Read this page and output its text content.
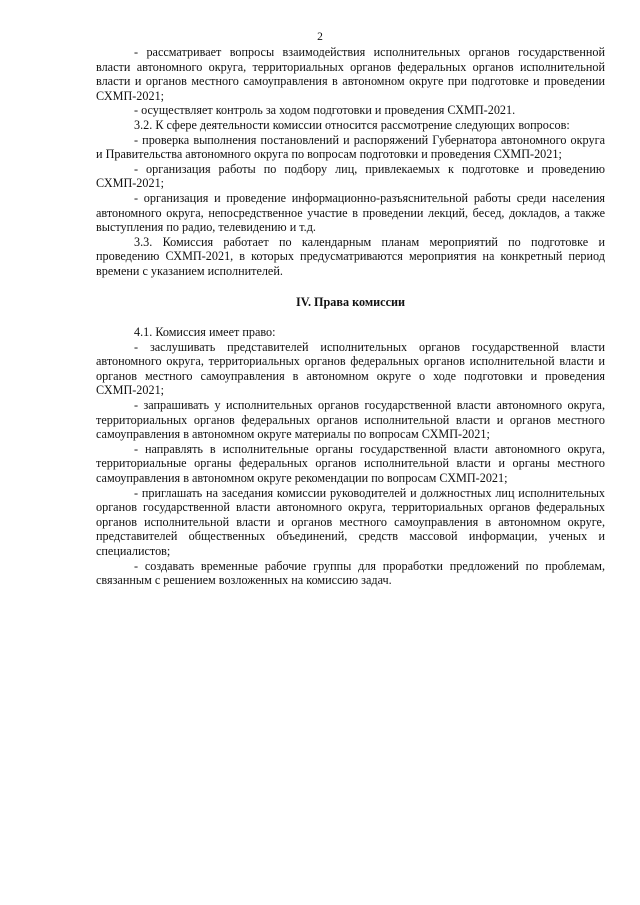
2

- рассматривает вопросы взаимодействия исполнительных органов государственной власти автономного округа, территориальных органов федеральных органов исполнительной власти и органов местного самоуправления в автономном округе при подготовке и проведении СХМП-2021;

- осуществляет контроль за ходом подготовки и проведения СХМП-2021.

3.2. К сфере деятельности комиссии относится рассмотрение следующих вопросов:

- проверка выполнения постановлений и распоряжений Губернатора автономного округа и Правительства автономного округа по вопросам подготовки и проведения СХМП-2021;

- организация работы по подбору лиц, привлекаемых к подготовке и проведению СХМП-2021;

- организация и проведение информационно-разъяснительной работы среди населения автономного округа, непосредственное участие в проведении лекций, бесед, докладов, а также выступления по радио, телевидению и т.д.

3.3. Комиссия работает по календарным планам мероприятий по подготовке и проведению СХМП-2021, в которых предусматриваются мероприятия на конкретный период времени с указанием исполнителей.

IV. Права комиссии

4.1. Комиссия имеет право:

- заслушивать представителей исполнительных органов государственной власти автономного округа, территориальных органов федеральных органов исполнительной власти и органов местного самоуправления в автономном округе о ходе подготовки и проведения СХМП-2021;

- запрашивать у исполнительных органов государственной власти автономного округа, территориальных органов федеральных органов исполнительной власти и органов местного самоуправления в автономном округе материалы по вопросам СХМП-2021;

- направлять в исполнительные органы государственной власти автономного округа, территориальные органы федеральных органов исполнительной власти и органы местного самоуправления в автономном округе рекомендации по вопросам СХМП-2021;

- приглашать на заседания комиссии руководителей и должностных лиц исполнительных органов государственной власти автономного округа, территориальных органов федеральных органов исполнительной власти и органов местного самоуправления в автономном округе, представителей общественных объединений, средств массовой информации, ученых и специалистов;

- создавать временные рабочие группы для проработки предложений по проблемам, связанным с решением возложенных на комиссию задач.
